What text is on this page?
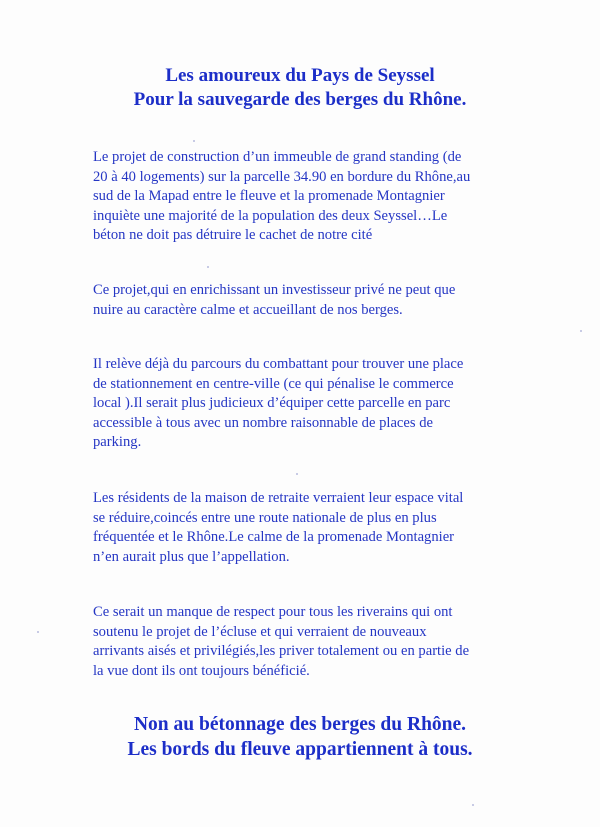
Les amoureux du Pays de Seyssel
Pour la sauvegarde des berges du Rhône.
Le projet de construction d’un immeuble de grand standing (de
20 à 40 logements) sur la parcelle 34.90 en bordure du Rhône,au
sud de la Mapad entre le fleuve et la promenade Montagnier
inquiète une majorité de la population des deux Seyssel…Le
béton ne doit pas détruire le cachet de notre cité
Ce projet,qui en enrichissant un investisseur privé ne peut que
nuire au caractère calme et accueillant de nos berges.
Il relève déjà du parcours du combattant pour trouver une place
de stationnement en centre-ville (ce qui pénalise le commerce
local ).Il serait plus judicieux d’équiper cette parcelle en parc
accessible à tous avec un nombre raisonnable de places de
parking.
Les résidents de la maison de retraite verraient leur espace vital
se réduire,coincés entre une route nationale de plus en plus
fréquentée et le Rhône.Le calme de la promenade Montagnier
n’en aurait plus que l’appellation.
Ce serait un manque de respect pour tous les riverains qui ont
soutenu le projet de l’écluse et qui verraient de nouveaux
arrivants aisés et privilégiés,les priver totalement ou en partie de
la vue dont ils ont toujours bénéficié.
Non au bétonnage des berges du Rhône.
Les bords du fleuve appartiennent à tous.
